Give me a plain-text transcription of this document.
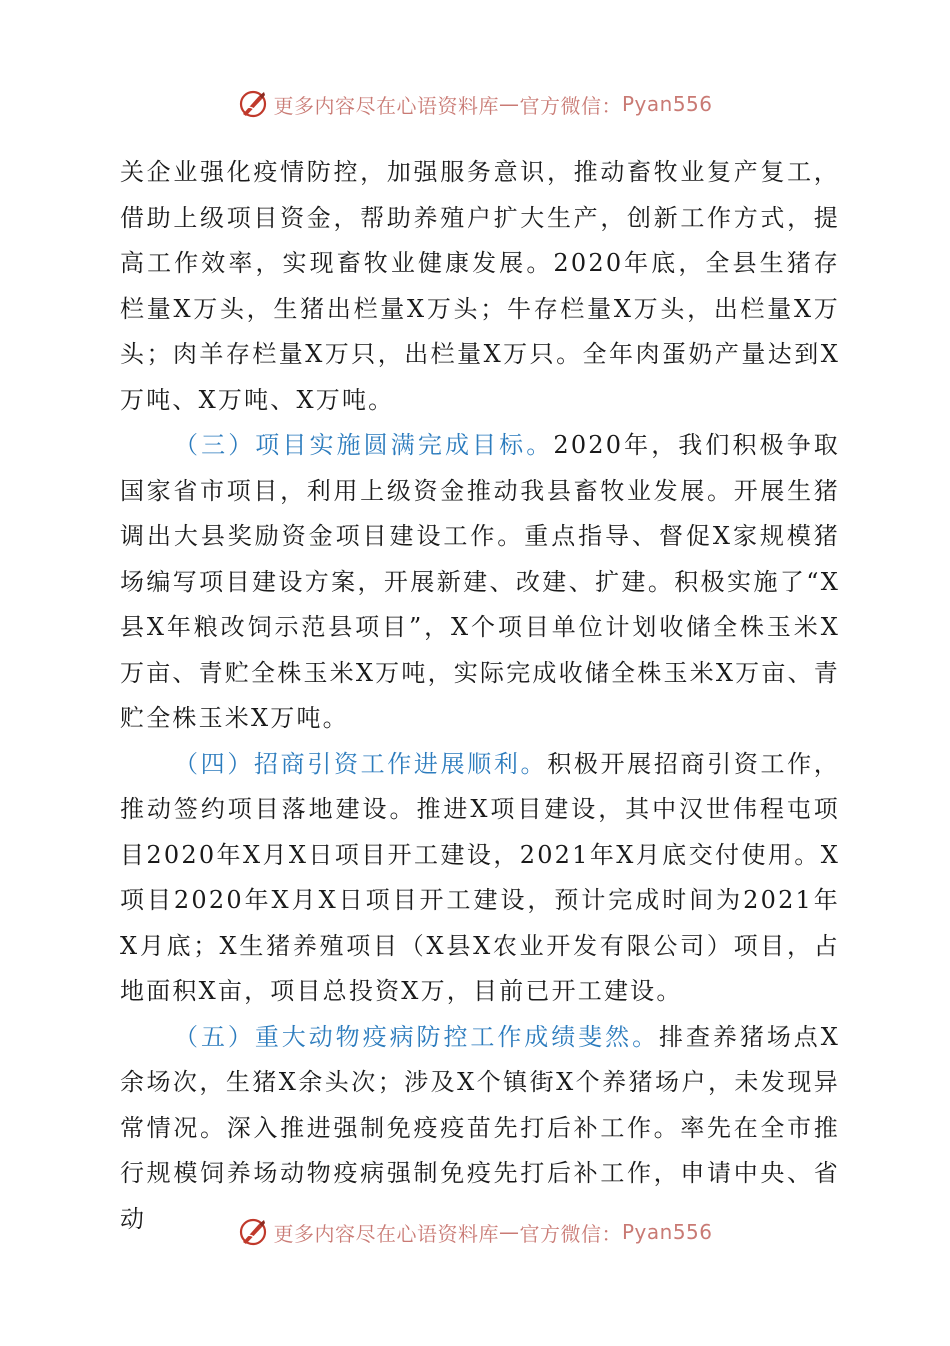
更多内容尽在心语资料库 — 官方微信： Pyan556

关企业强化疫情防控，加强服务意识，推动畜牧业复产复工，借助上级项目资金，帮助养殖户扩大生产，创新工作方式，提高工作效率，实现畜牧业健康发展。2020年底，全县生猪存栏量X万头，生猪出栏量X万头；牛存栏量X万头，出栏量X万头；肉羊存栏量X万只，出栏量X万只。全年肉蛋奶产量达到X万吨、X万吨、X万吨。

（三）项目实施圆满完成目标。2020年，我们积极争取国家省市项目，利用上级资金推动我县畜牧业发展。开展生猪调出大县奖励资金项目建设工作。重点指导、督促X家规模猪场编写项目建设方案，开展新建、改建、扩建。积极实施了“X县X年粮改饲示范县项目”，X个项目单位计划收储全株玉米X万亩、青贮全株玉米X万吨，实际完成收储全株玉米X万亩、青贮全株玉米X万吨。

（四）招商引资工作进展顺利。积极开展招商引资工作，推动签约项目落地建设。推进X项目建设，其中汉世伟程屯项目2020年X月X日项目开工建设，2021年X月底交付使用。X项目2020年X月X日项目开工建设，预计完成时间为2021年X月底；X生猪养殖项目（X县X农业开发有限公司）项目，占地面积X亩，项目总投资X万，目前已开工建设。

（五）重大动物疫病防控工作成绩斐然。排查养猪场点X余场次，生猪X余头次；涉及X个镇街X个养猪场户，未发现异常情况。深入推进强制免疫疫苗先打后补工作。率先在全市推行规模饲养场动物疫病强制免疫先打后补工作，申请中央、省动

更多内容尽在心语资料库 — 官方微信： Pyan556
